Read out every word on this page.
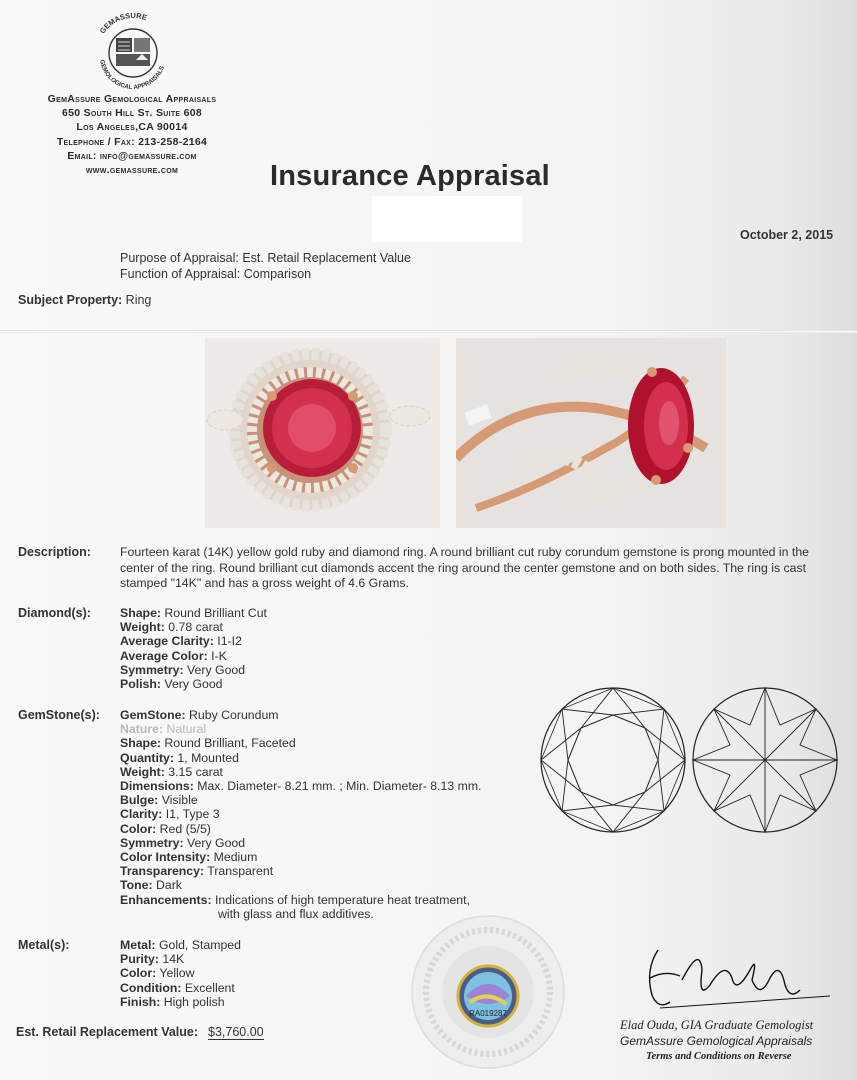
GEMASSURE
GEMOLOGICAL APPRAISALS
GemAssure Gemological Appraisals
650 South Hill St. Suite 608
Los Angeles,CA 90014
Telephone / Fax: 213-258-2164
Email: info@gemassure.com
www.gemassure.com	Insurance Appraisal
October 2, 2015
Purpose of Appraisal: Est. Retail Replacement Value
Function of Appraisal: Comparison
Subject Property: Ring
Description: Fourteen karat (14K) yellow gold ruby and diamond ring. A round brilliant cut ruby corundum gemstone is prong mounted in the center of the ring. Round brilliant cut diamonds accent the ring around the center gemstone and on both sides. The ring is cast stamped "14K" and has a gross weight of 4.6 Grams.
Diamond(s): Shape: Round Brilliant Cut
Weight: 0.78 carat
Average Clarity: I1-I2
Average Color: I-K
Symmetry: Very Good
Polish: Very Good
GemStone(s): GemStone: Ruby Corundum
Nature: Natural
Shape: Round Brilliant, Faceted
Quantity: 1, Mounted
Weight: 3.15 carat
Dimensions: Max. Diameter- 8.21 mm. ; Min. Diameter- 8.13 mm.
Bulge: Visible
Clarity: I1, Type 3
Color: Red (5/5)
Symmetry: Very Good
Color Intensity: Medium
Transparency: Transparent
Tone: Dark
Enhancements: Indications of high temperature heat treatment,
with glass and flux additives.
Metal(s):	Metal: Gold, Stamped
Purity: 14K
Color: Yellow
Condition: Excellent
Finish: High polish
RA019287
Est. Retail Replacement Value: $3,760.00	Elad Ouda, GIA Graduate Gemologist
GemAssure Gemological Appraisals
Terms and Conditions on Reverse
